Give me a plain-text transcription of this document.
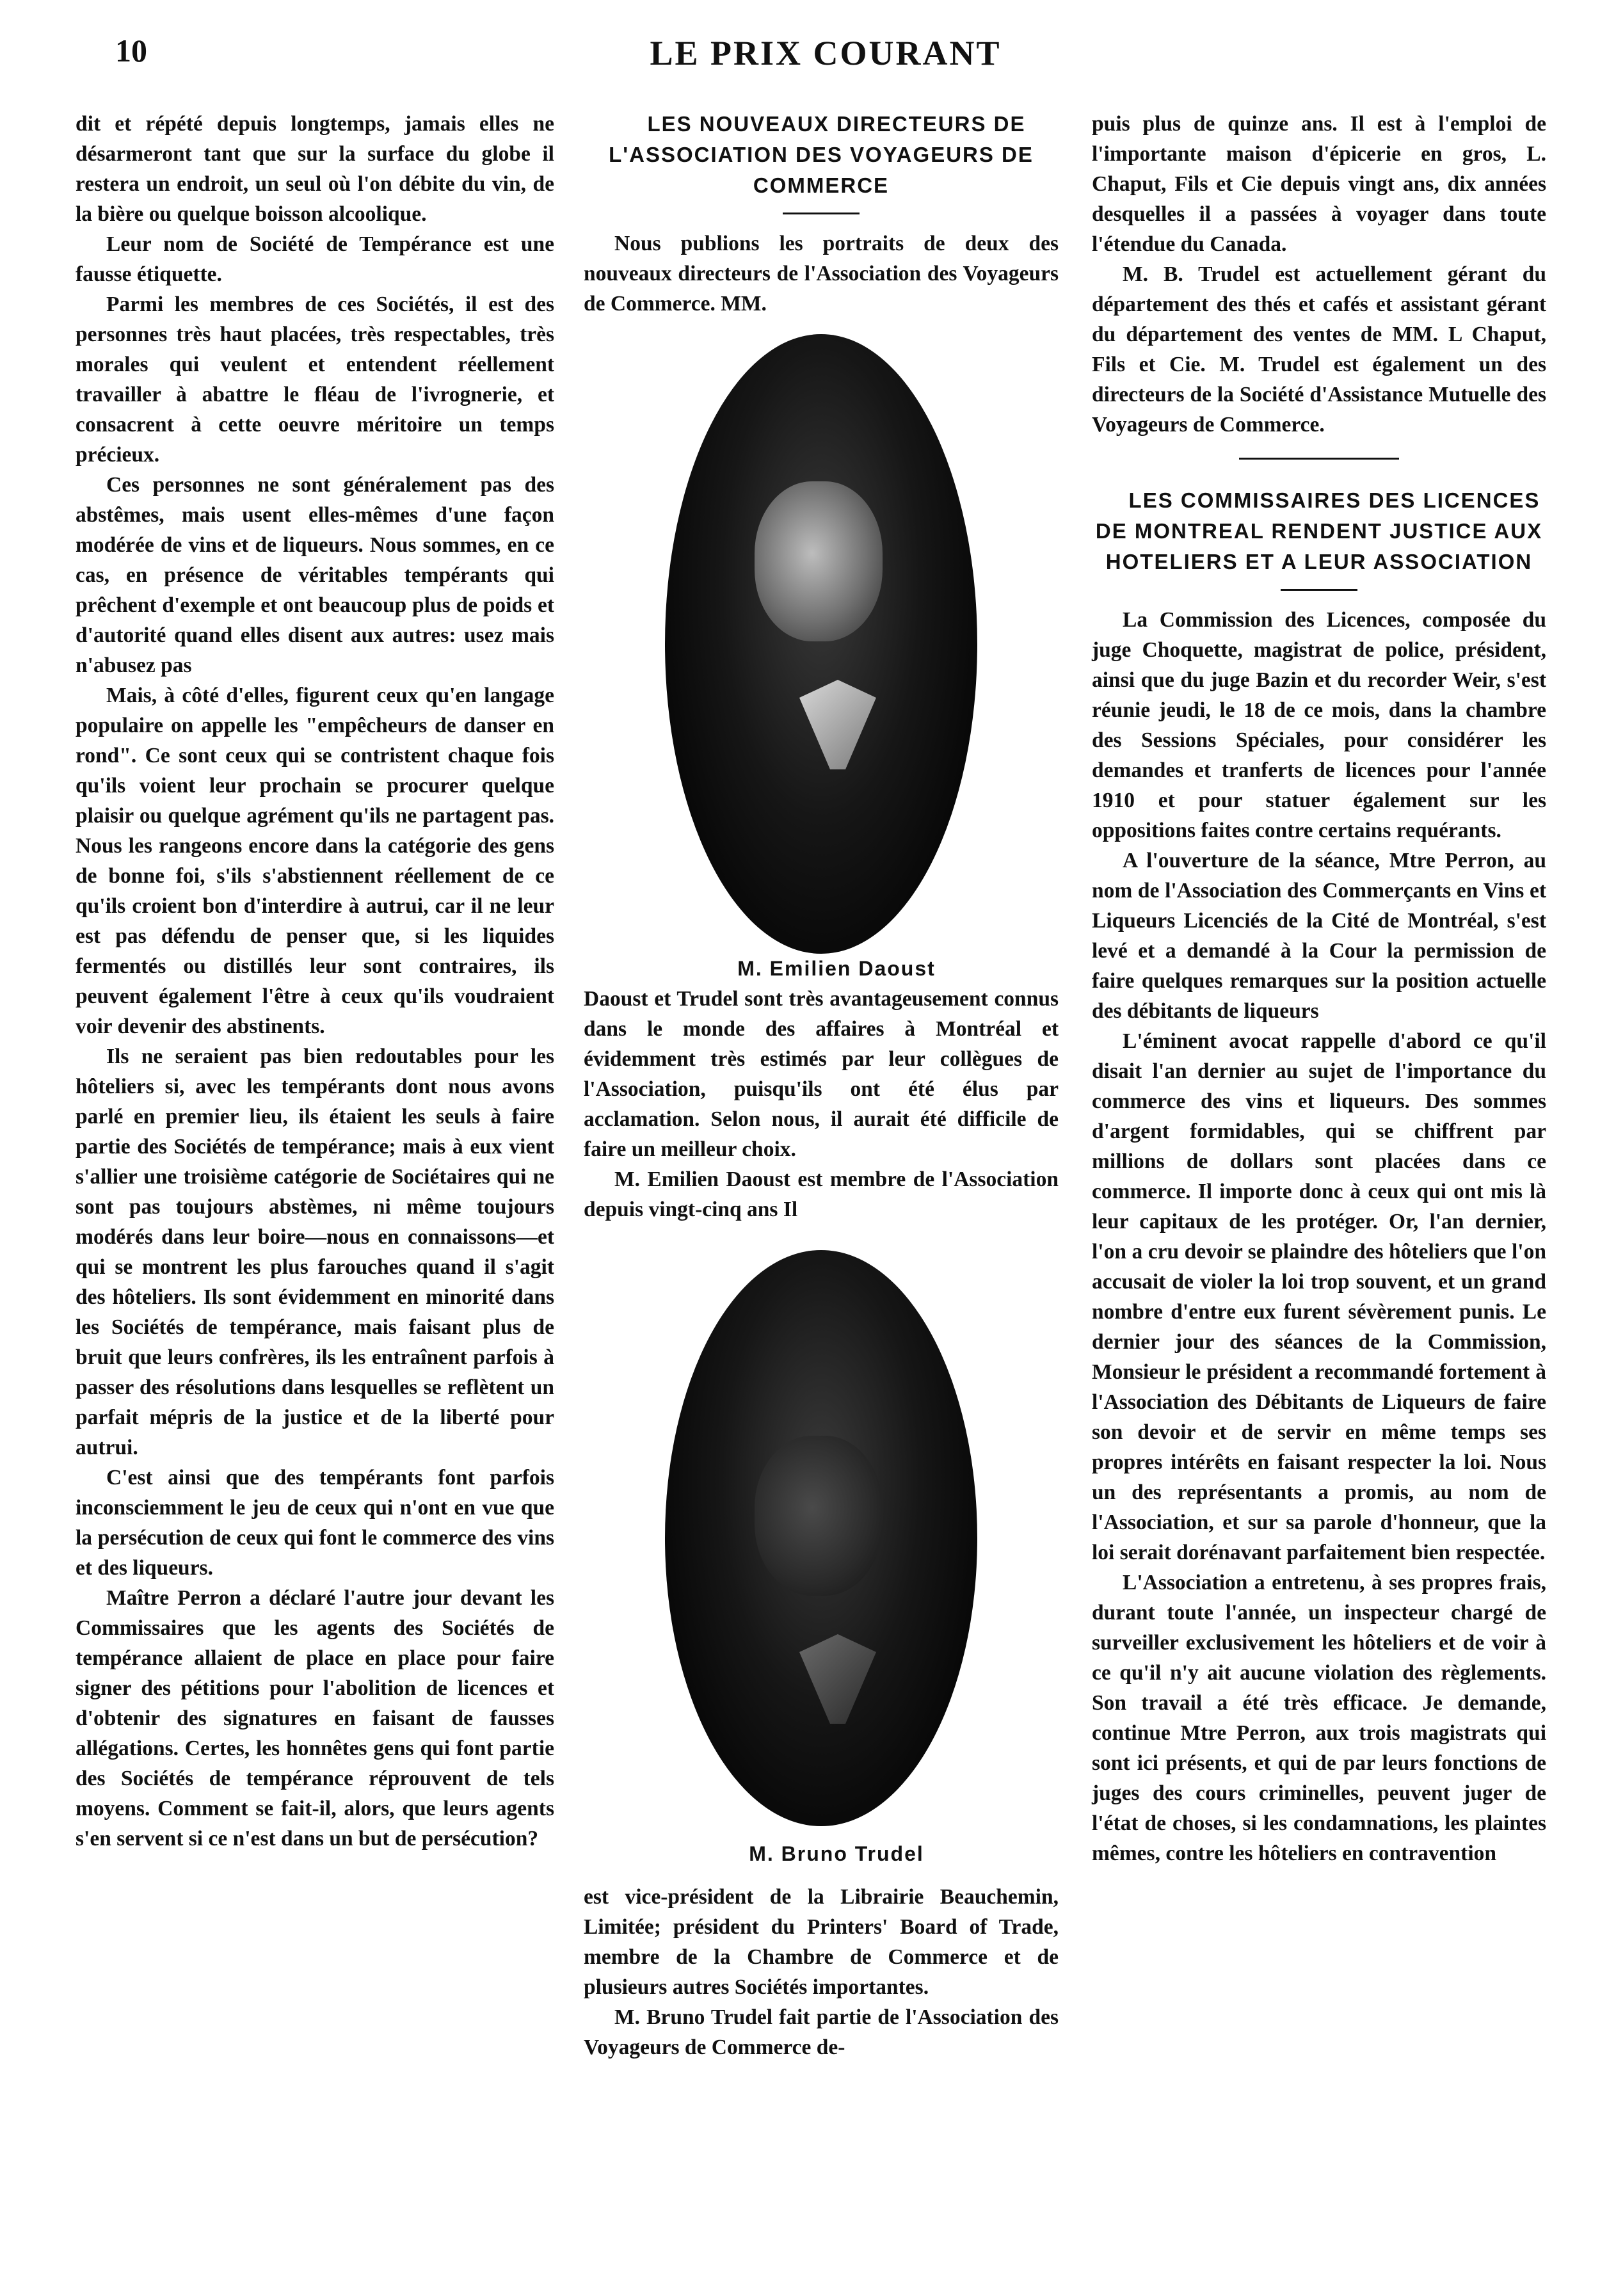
10	LE PRIX COURANT

dit et répété depuis longtemps, jamais elles ne désarmeront tant que sur la surface du globe il restera un endroit, un seul où l'on débite du vin, de la bière ou quelque boisson alcoolique.

Leur nom de Société de Tempérance est une fausse étiquette.

Parmi les membres de ces Sociétés, il est des personnes très haut placées, très respectables, très morales qui veulent et entendent réellement travailler à abattre le fléau de l'ivrognerie, et consacrent à cette oeuvre méritoire un temps précieux.

Ces personnes ne sont généralement pas des abstêmes, mais usent elles-mêmes d'une façon modérée de vins et de liqueurs. Nous sommes, en ce cas, en présence de véritables tempérants qui prêchent d'exemple et ont beaucoup plus de poids et d'autorité quand elles disent aux autres: usez mais n'abusez pas

Mais, à côté d'elles, figurent ceux qu'en langage populaire on appelle les "empêcheurs de danser en rond". Ce sont ceux qui se contristent chaque fois qu'ils voient leur prochain se procurer quelque plaisir ou quelque agrément qu'ils ne partagent pas. Nous les rangeons encore dans la catégorie des gens de bonne foi, s'ils s'abstiennent réellement de ce qu'ils croient bon d'interdire à autrui, car il ne leur est pas défendu de penser que, si les liquides fermentés ou distillés leur sont contraires, ils peuvent également l'être à ceux qu'ils voudraient voir devenir des abstinents.

Ils ne seraient pas bien redoutables pour les hôteliers si, avec les tempérants dont nous avons parlé en premier lieu, ils étaient les seuls à faire partie des Sociétés de tempérance; mais à eux vient s'allier une troisième catégorie de Sociétaires qui ne sont pas toujours abstèmes, ni même toujours modérés dans leur boire—nous en connaissons—et qui se montrent les plus farouches quand il s'agit des hôteliers. Ils sont évidemment en minorité dans les Sociétés de tempérance, mais faisant plus de bruit que leurs confrères, ils les entraînent parfois à passer des résolutions dans lesquelles se reflètent un parfait mépris de la justice et de la liberté pour autrui.

C'est ainsi que des tempérants font parfois inconsciemment le jeu de ceux qui n'ont en vue que la persécution de ceux qui font le commerce des vins et des liqueurs.

Maître Perron a déclaré l'autre jour devant les Commissaires que les agents des Sociétés de tempérance allaient de place en place pour faire signer des pétitions pour l'abolition de licences et d'obtenir des signatures en faisant de fausses allégations. Certes, les honnêtes gens qui font partie des Sociétés de tempérance réprouvent de tels moyens. Comment se fait-il, alors, que leurs agents s'en servent si ce n'est dans un but de persécution?

LES NOUVEAUX DIRECTEURS DE L'ASSOCIATION DES VOYAGEURS DE COMMERCE

Nous publions les portraits de deux des nouveaux directeurs de l'Association des Voyageurs de Commerce. MM.

M. Emilien Daoust

Daoust et Trudel sont très avantageusement connus dans le monde des affaires à Montréal et évidemment très estimés par leur collègues de l'Association, puisqu'ils ont été élus par acclamation. Selon nous, il aurait été difficile de faire un meilleur choix.

M. Emilien Daoust est membre de l'Association depuis vingt-cinq ans Il

M. Bruno Trudel

est vice-président de la Librairie Beauchemin, Limitée; président du Printers' Board of Trade, membre de la Chambre de Commerce et de plusieurs autres Sociétés importantes.

M. Bruno Trudel fait partie de l'Association des Voyageurs de Commerce de-

puis plus de quinze ans. Il est à l'emploi de l'importante maison d'épicerie en gros, L. Chaput, Fils et Cie depuis vingt ans, dix années desquelles il a passées à voyager dans toute l'étendue du Canada.

M. B. Trudel est actuellement gérant du département des thés et cafés et assistant gérant du département des ventes de MM. L Chaput, Fils et Cie. M. Trudel est également un des directeurs de la Société d'Assistance Mutuelle des Voyageurs de Commerce.

LES COMMISSAIRES DES LICENCES DE MONTREAL RENDENT JUSTICE AUX HOTELIERS ET A LEUR ASSOCIATION

La Commission des Licences, composée du juge Choquette, magistrat de police, président, ainsi que du juge Bazin et du recorder Weir, s'est réunie jeudi, le 18 de ce mois, dans la chambre des Sessions Spéciales, pour considérer les demandes et tranferts de licences pour l'année 1910 et pour statuer également sur les oppositions faites contre certains requérants.

A l'ouverture de la séance, Mtre Perron, au nom de l'Association des Commerçants en Vins et Liqueurs Licenciés de la Cité de Montréal, s'est levé et a demandé à la Cour la permission de faire quelques remarques sur la position actuelle des débitants de liqueurs

L'éminent avocat rappelle d'abord ce qu'il disait l'an dernier au sujet de l'importance du commerce des vins et liqueurs. Des sommes d'argent formidables, qui se chiffrent par millions de dollars sont placées dans ce commerce. Il importe donc à ceux qui ont mis là leur capitaux de les protéger. Or, l'an dernier, l'on a cru devoir se plaindre des hôteliers que l'on accusait de violer la loi trop souvent, et un grand nombre d'entre eux furent sévèrement punis. Le dernier jour des séances de la Commission, Monsieur le président a recommandé fortement à l'Association des Débitants de Liqueurs de faire son devoir et de servir en même temps ses propres intérêts en faisant respecter la loi. Nous un des représentants a promis, au nom de l'Association, et sur sa parole d'honneur, que la loi serait dorénavant parfaitement bien respectée.

L'Association a entretenu, à ses propres frais, durant toute l'année, un inspecteur chargé de surveiller exclusivement les hôteliers et de voir à ce qu'il n'y ait aucune violation des règlements. Son travail a été très efficace. Je demande, continue Mtre Perron, aux trois magistrats qui sont ici présents, et qui de par leurs fonctions de juges des cours criminelles, peuvent juger de l'état de choses, si les condamnations, les plaintes mêmes, contre les hôteliers en contravention
